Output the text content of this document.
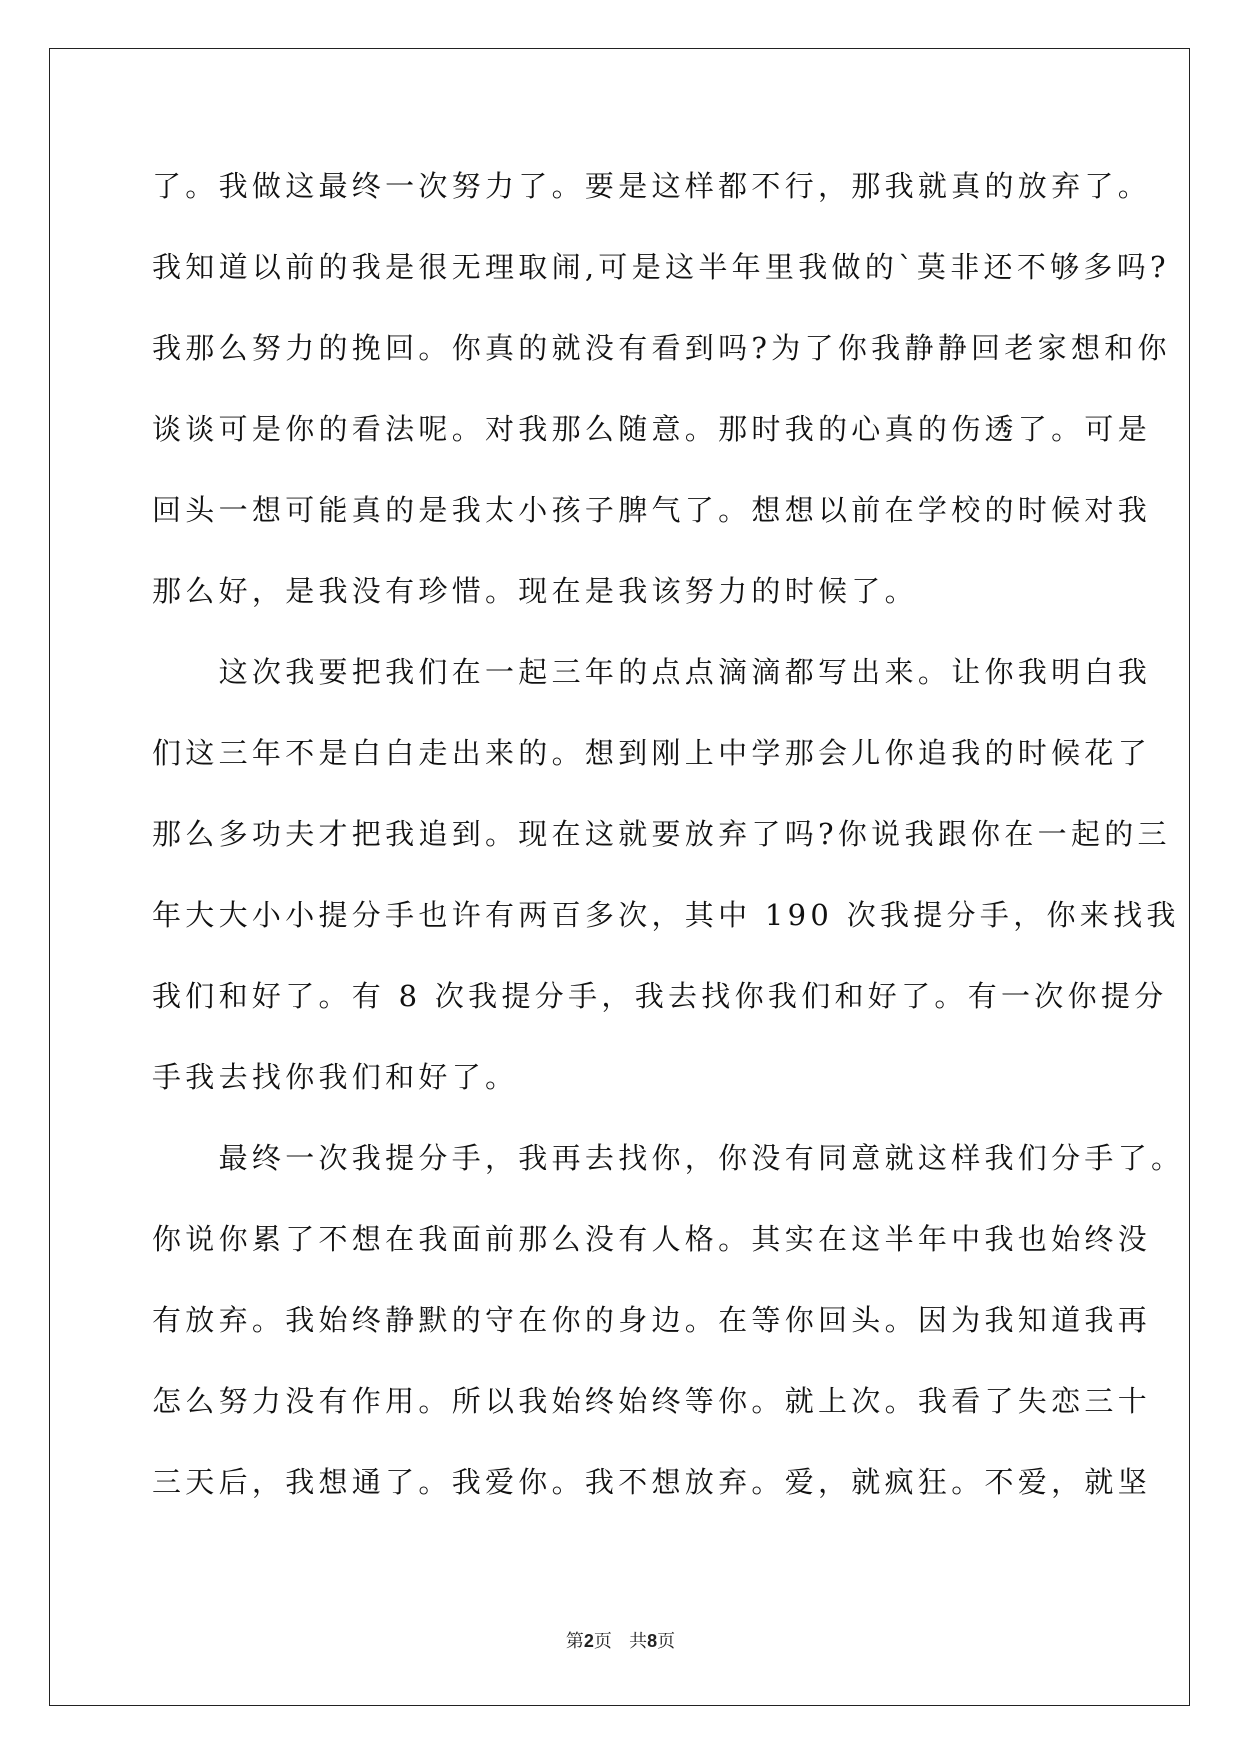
了。我做这最终一次努力了。要是这样都不行，那我就真的放弃了。
我知道以前的我是很无理取闹,可是这半年里我做的`莫非还不够多吗?
我那么努力的挽回。你真的就没有看到吗?为了你我静静回老家想和你
谈谈可是你的看法呢。对我那么随意。那时我的心真的伤透了。可是
回头一想可能真的是我太小孩子脾气了。想想以前在学校的时候对我
那么好，是我没有珍惜。现在是我该努力的时候了。
　　这次我要把我们在一起三年的点点滴滴都写出来。让你我明白我
们这三年不是白白走出来的。想到刚上中学那会儿你追我的时候花了
那么多功夫才把我追到。现在这就要放弃了吗?你说我跟你在一起的三
年大大小小提分手也许有两百多次，其中 190 次我提分手，你来找我
我们和好了。有 8 次我提分手，我去找你我们和好了。有一次你提分
手我去找你我们和好了。
　　最终一次我提分手，我再去找你，你没有同意就这样我们分手了。
你说你累了不想在我面前那么没有人格。其实在这半年中我也始终没
有放弃。我始终静默的守在你的身边。在等你回头。因为我知道我再
怎么努力没有作用。所以我始终始终等你。就上次。我看了失恋三十
三天后，我想通了。我爱你。我不想放弃。爱，就疯狂。不爱，就坚
第2页 共8页
